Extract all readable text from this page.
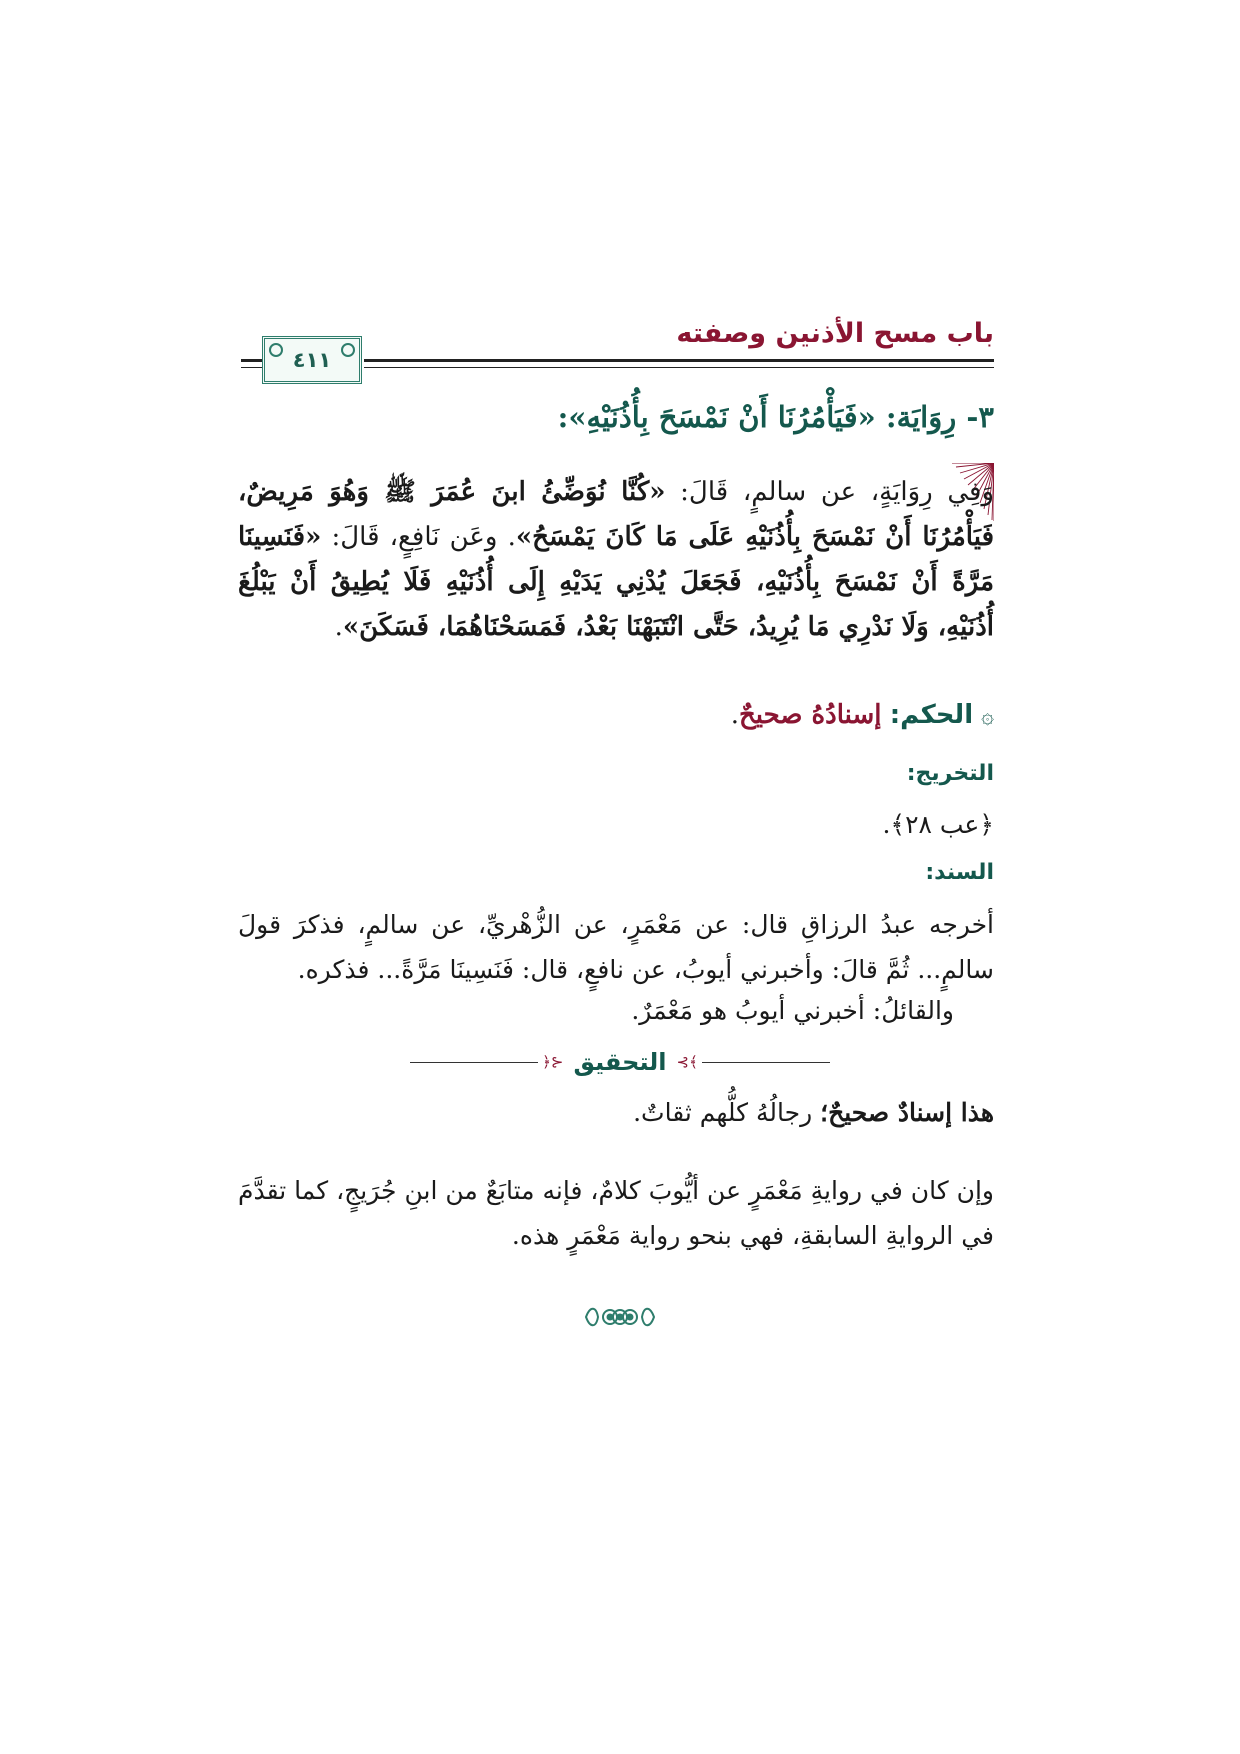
باب مسح الأذنين وصفته
٤١١
٣- رِوَايَة: «فَيَأْمُرُنَا أَنْ نَمْسَحَ بِأُذُنَيْهِ»:
وَفِي رِوَايَةٍ، عن سالمٍ، قَالَ: «كُنَّا نُوَضِّئُ ابنَ عُمَرَ ﷺ وَهُوَ مَرِيضٌ، فَيَأْمُرُنَا أَنْ نَمْسَحَ بِأُذُنَيْهِ عَلَى مَا كَانَ يَمْسَحُ». وعَن نَافِعٍ، قَالَ: «فَنَسِينَا مَرَّةً أَنْ نَمْسَحَ بِأُذُنَيْهِ، فَجَعَلَ يُدْنِي يَدَيْهِ إِلَى أُذُنَيْهِ فَلَا يُطِيقُ أَنْ يَبْلُغَ أُذُنَيْهِ، وَلَا نَدْرِي مَا يُرِيدُ، حَتَّى انْتَبَهْنَا بَعْدُ، فَمَسَحْنَاهُمَا، فَسَكَنَ».
۞الحكم: إسنادُهُ صحيحٌ.
التخريج:
﴿عب ٢٨﴾.
السند:
أخرجه عبدُ الرزاقِ قال: عن مَعْمَرٍ، عن الزُّهْريِّ، عن سالمٍ، فذكرَ قولَ سالمٍ... ثُمَّ قالَ: وأخبرني أيوبُ، عن نافعٍ، قال: فَنَسِينَا مَرَّةً... فذكره.
والقائلُ: أخبرني أيوبُ هو مَعْمَرٌ.
﴾⊱
التحقيق
⊰﴿
هذا إسنادٌ صحيحٌ؛ رجالُهُ كلُّهم ثقاتٌ.
وإن كان في روايةِ مَعْمَرٍ عن أيُّوبَ كلامٌ، فإنه متابَعٌ من ابنِ جُرَيجٍ، كما تقدَّمَ في الروايةِ السابقةِ، فهي بنحو رواية مَعْمَرٍ هذه.
